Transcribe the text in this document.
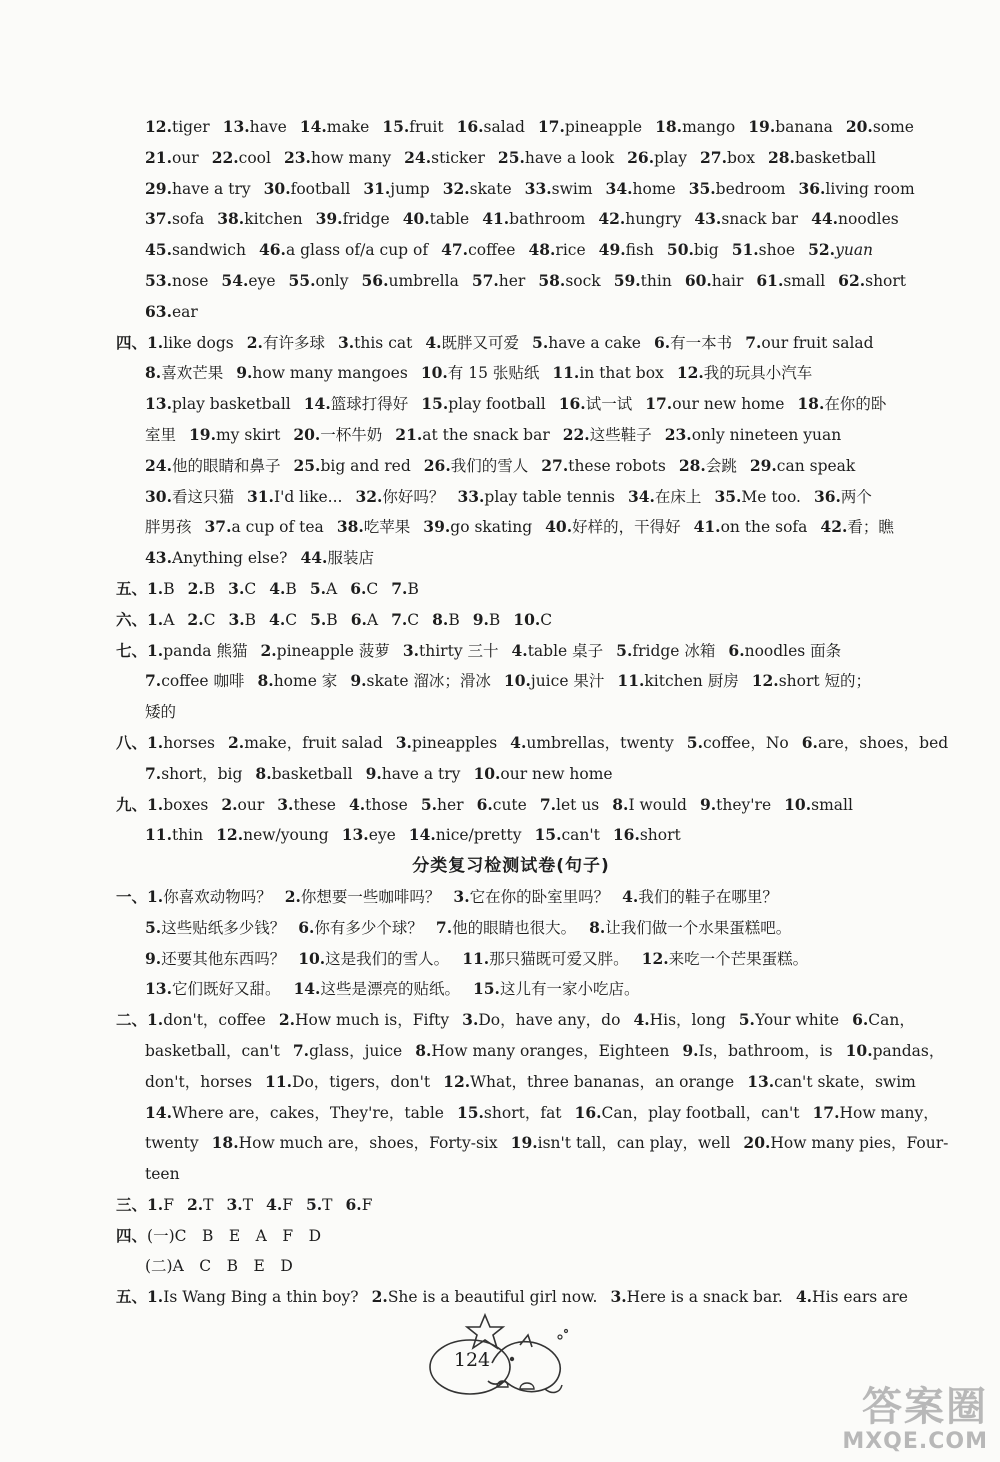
12.tiger 13.have 14.make 15.fruit 16.salad 17.pineapple 18.mango 19.banana 20.some
21.our 22.cool 23.how many 24.sticker 25.have a look 26.play 27.box 28.basketball
29.have a try 30.football 31.jump 32.skate 33.swim 34.home 35.bedroom 36.living room
37.sofa 38.kitchen 39.fridge 40.table 41.bathroom 42.hungry 43.snack bar 44.noodles
45.sandwich 46.a glass of/a cup of 47.coffee 48.rice 49.fish 50.big 51.shoe 52.yuan
53.nose 54.eye 55.only 56.umbrella 57.her 58.sock 59.thin 60.hair 61.small 62.short
63.ear
四、1.like dogs 2.有许多球 3.this cat 4.既胖又可爱 5.have a cake 6.有一本书 7.our fruit salad
8.喜欢芒果 9.how many mangoes 10.有 15 张贴纸 11.in that box 12.我的玩具小汽车
13.play basketball 14.篮球打得好 15.play football 16.试一试 17.our new home 18.在你的卧
室里 19.my skirt 20.一杯牛奶 21.at the snack bar 22.这些鞋子 23.only nineteen yuan
24.他的眼睛和鼻子 25.big and red 26.我们的雪人 27.these robots 28.会跳 29.can speak
30.看这只猫 31.I'd like... 32.你好吗？ 33.play table tennis 34.在床上 35.Me too. 36.两个
胖男孩 37.a cup of tea 38.吃苹果 39.go skating 40.好样的，干得好 41.on the sofa 42.看；瞧
43.Anything else? 44.服装店
五、1.B 2.B 3.C 4.B 5.A 6.C 7.B
六、1.A 2.C 3.B 4.C 5.B 6.A 7.C 8.B 9.B 10.C
七、1.panda 熊猫 2.pineapple 菠萝 3.thirty 三十 4.table 桌子 5.fridge 冰箱 6.noodles 面条
7.coffee 咖啡 8.home 家 9.skate 溜冰；滑冰 10.juice 果汁 11.kitchen 厨房 12.short 短的；
矮的
八、1.horses 2.make，fruit salad 3.pineapples 4.umbrellas，twenty 5.coffee，No 6.are，shoes，bed
7.short，big 8.basketball 9.have a try 10.our new home
九、1.boxes 2.our 3.these 4.those 5.her 6.cute 7.let us 8.I would 9.they're 10.small
11.thin 12.new/young 13.eye 14.nice/pretty 15.can't 16.short
分类复习检测试卷(句子)
一、1.你喜欢动物吗？ 2.你想要一些咖啡吗？ 3.它在你的卧室里吗？ 4.我们的鞋子在哪里？
5.这些贴纸多少钱？ 6.你有多少个球？ 7.他的眼睛也很大。 8.让我们做一个水果蛋糕吧。
9.还要其他东西吗？ 10.这是我们的雪人。 11.那只猫既可爱又胖。 12.来吃一个芒果蛋糕。
13.它们既好又甜。 14.这些是漂亮的贴纸。 15.这儿有一家小吃店。
二、1.don't，coffee 2.How much is，Fifty 3.Do，have any，do 4.His，long 5.Your white 6.Can，
basketball，can't 7.glass，juice 8.How many oranges，Eighteen 9.Is，bathroom，is 10.pandas，
don't，horses 11.Do，tigers，don't 12.What，three bananas，an orange 13.can't skate，swim
14.Where are，cakes，They're，table 15.short，fat 16.Can，play football，can't 17.How many，
twenty 18.How much are，shoes，Forty-six 19.isn't tall，can play，well 20.How many pies，Four-
teen
三、1.F 2.T 3.T 4.F 5.T 6.F
四、(一)C　B　E　A　F　D
(二)A　C　B　E　D
五、1.Is Wang Bing a thin boy? 2.She is a beautiful girl now. 3.Here is a snack bar. 4.His ears are
124
答案圈
MXQE.COM
